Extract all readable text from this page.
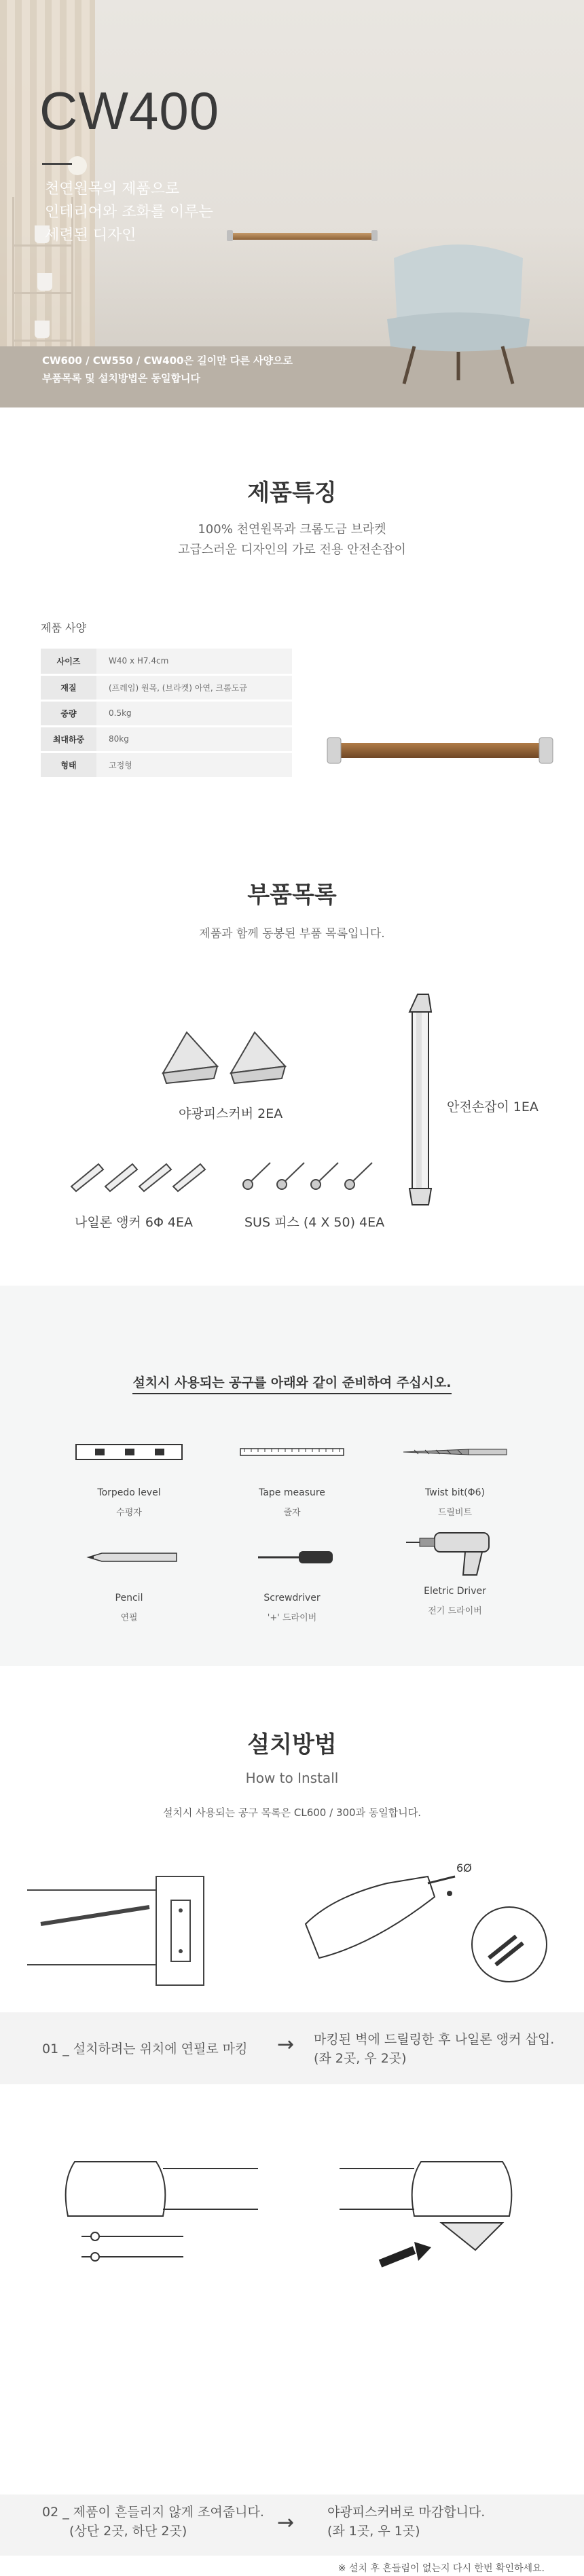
CW400
천연원목의 제품으로
인테리어와 조화를 이루는
세련된 디자인
CW600 / CW550 / CW400은 길이만 다른 사양으로
부품목록 및 설치방법은 동일합니다
제품특징
100% 천연원목과 크롬도금 브라켓
고급스러운 디자인의 가로 전용 안전손잡이
제품 사양
사이즈	W40 x H7.4cm
재질	(프레임) 원목, (브라켓) 아연, 크롬도금
중량	0.5kg
최대하중	80kg
형태	고정형
부품목록
제품과 함께 동봉된 부품 목록입니다.
야광피스커버 2EA	안전손잡이 1EA
나일론 앵커 6Φ 4EA	SUS 피스 (4 X 50) 4EA
설치시 사용되는 공구를 아래와 같이 준비하여 주십시오.
Torpedo level
수평자
Tape measure
줄자
Twist bit(Φ6)
드릴비트
Pencil
연필
Screwdriver
'+' 드라이버
Eletric Driver
전기 드라이버
설치방법
How to Install
설치시 사용되는 공구 목록은 CL600 / 300과 동일합니다.
6Ø
01 _ 설치하려는 위치에 연필로 마킹 → 마킹된 벽에 드릴링한 후 나일론 앵커 삽입.
(좌 2곳, 우 2곳)
02 _ 제품이 흔들리지 않게 조여줍니다.
(상단 2곳, 하단 2곳)	→	야광피스커버로 마감합니다.
(좌 1곳, 우 1곳)
※ 설치 후 흔들림이 없는지 다시 한번 확인하세요.
